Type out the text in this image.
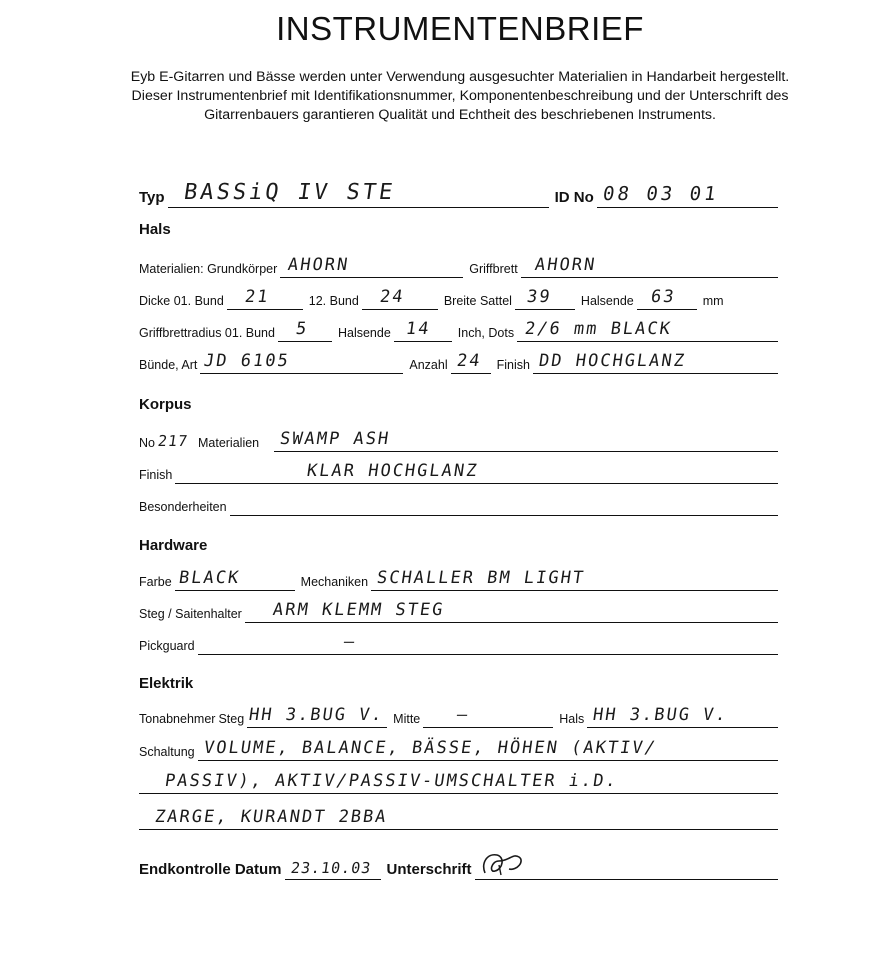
INSTRUMENTENBRIEF
Eyb E-Gitarren und Bässe werden unter Verwendung ausgesuchter Materialien in Handarbeit hergestellt. Dieser Instrumentenbrief mit Identifikationsnummer, Komponentenbeschreibung und der Unterschrift des Gitarrenbauers garantieren Qualität und Echtheit des beschriebenen Instruments.
Typ BASSiQ IV STE	ID No 08 03 01
Hals
Materialien: Grundkörper AHORN	Griffbrett AHORN
Dicke 01. Bund 21	12. Bund 24	Breite Sattel 39	Halsende 63	mm
Griffbrettradius 01. Bund 5	Halsende 14	Inch, Dots 2/6 mm BLACK
Bünde, Art JD 6105	Anzahl 24	Finish DD HOCHGLANZ
Korpus
No 217 Materialien SWAMP ASH
Finish	KLAR HOCHGLANZ
Besonderheiten
Hardware
Farbe BLACK	Mechaniken SCHALLER BM LIGHT
Steg / Saitenhalter ARM KLEMM STEG
Pickguard	—
Elektrik
Tonabnehmer Steg HH 3.BUG V. Mitte —	Hals HH 3.BUG V.
Schaltung VOLUME, BALANCE, BÄSSE, HÖHEN (AKTIV/
PASSIV), AKTIV/PASSIV-UMSCHALTER i.D.
ZARGE, KURANDT 2BBA
Endkontrolle Datum 23.10.03 Unterschrift
